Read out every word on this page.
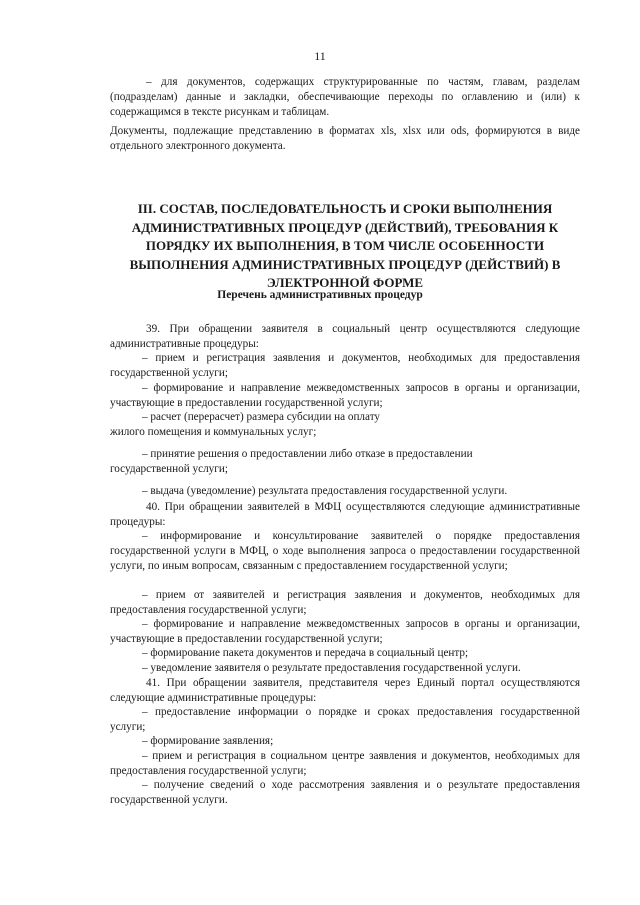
11
– для документов, содержащих структурированные по частям, главам, разделам (подразделам) данные и закладки, обеспечивающие переходы по оглавлению и (или) к содержащимся в тексте рисункам и таблицам.
Документы, подлежащие представлению в форматах xls, xlsx или ods, формируются в виде отдельного электронного документа.
III. СОСТАВ, ПОСЛЕДОВАТЕЛЬНОСТЬ И СРОКИ ВЫПОЛНЕНИЯ АДМИНИСТРАТИВНЫХ ПРОЦЕДУР (ДЕЙСТВИЙ), ТРЕБОВАНИЯ К ПОРЯДКУ ИХ ВЫПОЛНЕНИЯ, В ТОМ ЧИСЛЕ ОСОБЕННОСТИ ВЫПОЛНЕНИЯ АДМИНИСТРАТИВНЫХ ПРОЦЕДУР (ДЕЙСТВИЙ) В ЭЛЕКТРОННОЙ ФОРМЕ
Перечень административных процедур
39. При обращении заявителя в социальный центр осуществляются следующие административные процедуры:
– прием и регистрация заявления и документов, необходимых для предоставления государственной услуги;
– формирование и направление межведомственных запросов в органы и организации, участвующие в предоставлении государственной услуги;
– расчет (перерасчет) размера субсидии на оплату жилого помещения и коммунальных услуг;
– принятие решения о предоставлении либо отказе в предоставлении государственной услуги;
– выдача (уведомление) результата предоставления государственной услуги.
40. При обращении заявителей в МФЦ осуществляются следующие административные процедуры:
– информирование и консультирование заявителей о порядке предоставления государственной услуги в МФЦ, о ходе выполнения запроса о предоставлении государственной услуги, по иным вопросам, связанным с предоставлением государственной услуги;
– прием от заявителей и регистрация заявления и документов, необходимых для предоставления государственной услуги;
– формирование и направление межведомственных запросов в органы и организации, участвующие в предоставлении государственной услуги;
– формирование пакета документов и передача в социальный центр;
– уведомление заявителя о результате предоставления государственной услуги.
41. При обращении заявителя, представителя через Единый портал осуществляются следующие административные процедуры:
– предоставление информации о порядке и сроках предоставления государственной услуги;
– формирование заявления;
– прием и регистрация в социальном центре заявления и документов, необходимых для предоставления государственной услуги;
– получение сведений о ходе рассмотрения заявления и о результате предоставления государственной услуги.
